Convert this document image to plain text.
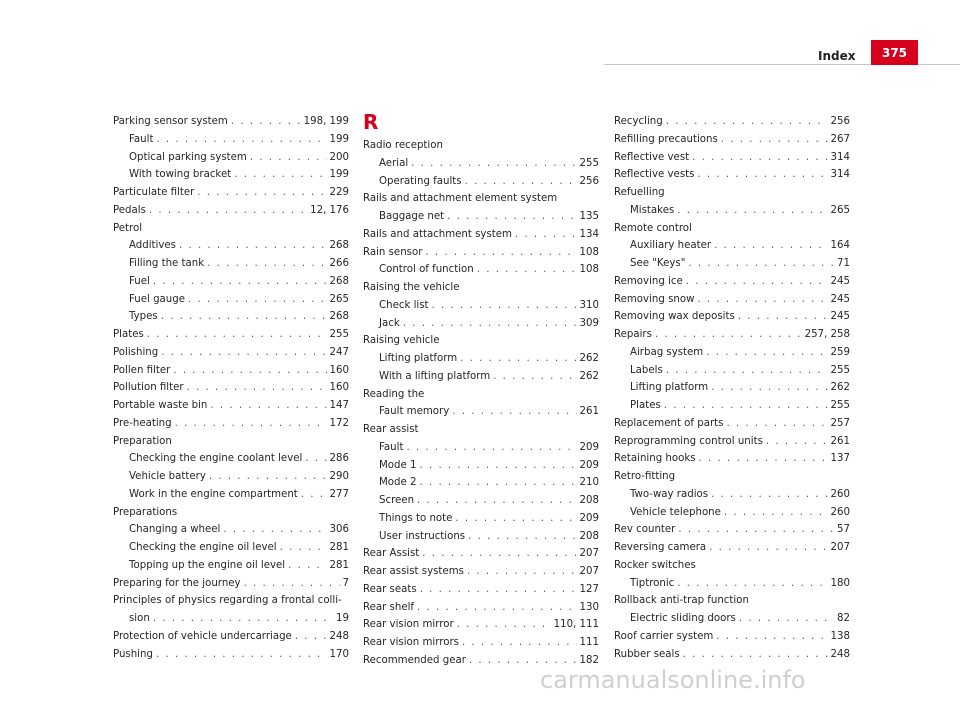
Index	375
Parking sensor system . . .	198, 199
Fault . . .	199
Optical parking system . . .	200
With towing bracket . . .	199
Particulate filter . . .	229
Pedals . . .	12, 176
Petrol
Additives . . .	268
Filling the tank . . .	266
Fuel . . .	268
Fuel gauge . . .	265
Types . . .	268
Plates . . .	255
Polishing . . .	247
Pollen filter . . .	160
Pollution filter . . .	160
Portable waste bin . . .	147
Pre-heating . . .	172
Preparation
Checking the engine coolant level . . .	286
Vehicle battery . . .	290
Work in the engine compartment . . .	277
Preparations
Changing a wheel . . .	306
Checking the engine oil level . . .	281
Topping up the engine oil level . . .	281
Preparing for the journey . . .	7
Principles of physics regarding a frontal colli-
sion . . .	19
Protection of vehicle undercarriage . . .	248
Pushing . . .	170
R
Radio reception
Aerial . . .	255
Operating faults . . .	256
Rails and attachment element system
Baggage net . . .	135
Rails and attachment system . . .	134
Rain sensor . . .	108
Control of function . . .	108
Raising the vehicle
Check list . . .	310
Jack . . .	309
Raising vehicle
Lifting platform . . .	262
With a lifting platform . . .	262
Reading the
Fault memory . . .	261
Rear assist
Fault . . .	209
Mode 1 . . .	209
Mode 2 . . .	210
Screen . . .	208
Things to note . . .	209
User instructions . . .	208
Rear Assist . . .	207
Rear assist systems . . .	207
Rear seats . . .	127
Rear shelf . . .	130
Rear vision mirror . . .	110, 111
Rear vision mirrors . . .	111
Recommended gear . . .	182
Recycling . . .	256
Refilling precautions . . .	267
Reflective vest . . .	314
Reflective vests . . .	314
Refuelling
Mistakes . . .	265
Remote control
Auxiliary heater . . .	164
See "Keys" . . .	71
Removing ice . . .	245
Removing snow . . .	245
Removing wax deposits . . .	245
Repairs . . .	257, 258
Airbag system . . .	259
Labels . . .	255
Lifting platform . . .	262
Plates . . .	255
Replacement of parts . . .	257
Reprogramming control units . . .	261
Retaining hooks . . .	137
Retro-fitting
Two-way radios . . .	260
Vehicle telephone . . .	260
Rev counter . . .	57
Reversing camera . . .	207
Rocker switches
Tiptronic . . .	180
Rollback anti-trap function
Electric sliding doors . . .	82
Roof carrier system . . .	138
Rubber seals . . .	248
carmanualsonline.info
